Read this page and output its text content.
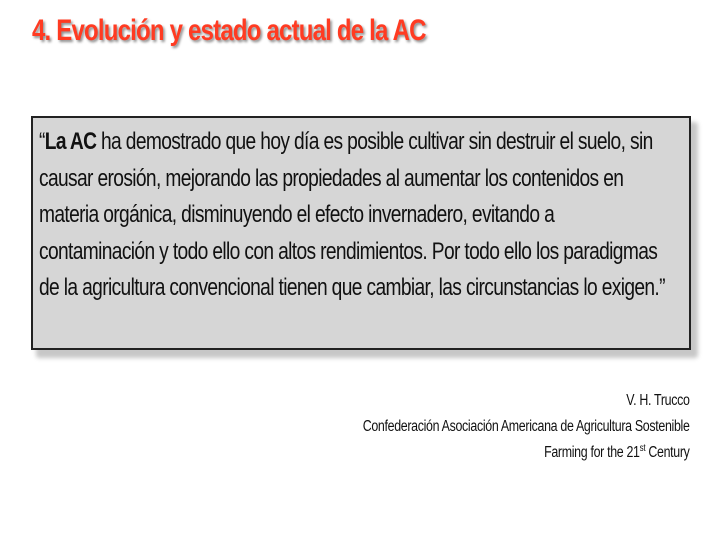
4. Evolución y estado actual de la AC

“La AC ha demostrado que hoy día es posible cultivar sin destruir el suelo, sin causar erosión, mejorando las propiedades al aumentar los contenidos en materia orgánica, disminuyendo el efecto invernadero, evitando a contaminación y todo ello con altos rendimientos. Por todo ello los paradigmas de la agricultura convencional tienen que cambiar, las circunstancias lo exigen.”

V. H. Trucco
Confederación Asociación Americana de Agricultura Sostenible
Farming for the 21st Century
